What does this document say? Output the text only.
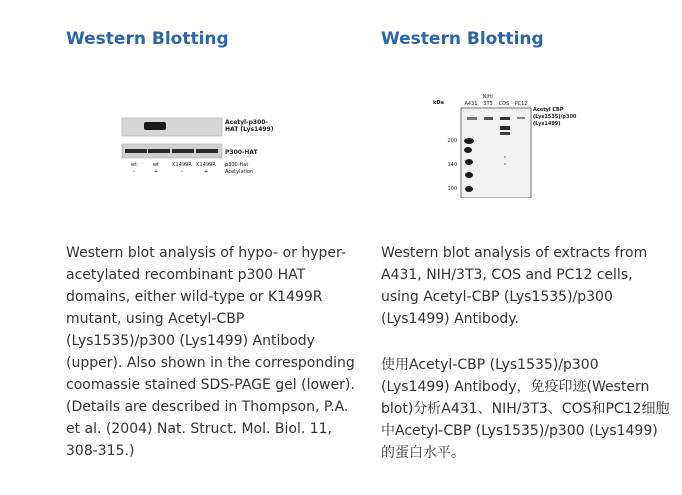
Western Blotting
Acetyl-p300-
HAT (Lys1499)
P300-HAT
wt	wt	K1499R K1499R
–	+	–	+
p300-Hat
Acetylation

Western blot analysis of hypo- or hyper-acetylated recombinant p300 HAT domains, either wild-type or K1499R mutant, using Acetyl-CBP (Lys1535)/p300 (Lys1499) Antibody (upper). Also shown in the corresponding coomassie stained SDS-PAGE gel (lower). (Details are described in Thompson, P.A. et al. (2004) Nat. Struct. Mol. Biol. 11, 308-315.)

Western Blotting
kDa	A431
NIH/
3T3 COS PC12
200
140
100
Acetyl CBP
(Lys1535)/p300
(Lys1499)

Western blot analysis of extracts from A431, NIH/3T3, COS and PC12 cells, using Acetyl-CBP (Lys1535)/p300 (Lys1499) Antibody.

使用Acetyl-CBP (Lys1535)/p300 (Lys1499) Antibody，免疫印迹(Western blot)分析A431、NIH/3T3、COS和PC12细胞中Acetyl-CBP (Lys1535)/p300 (Lys1499)的蛋白水平。
